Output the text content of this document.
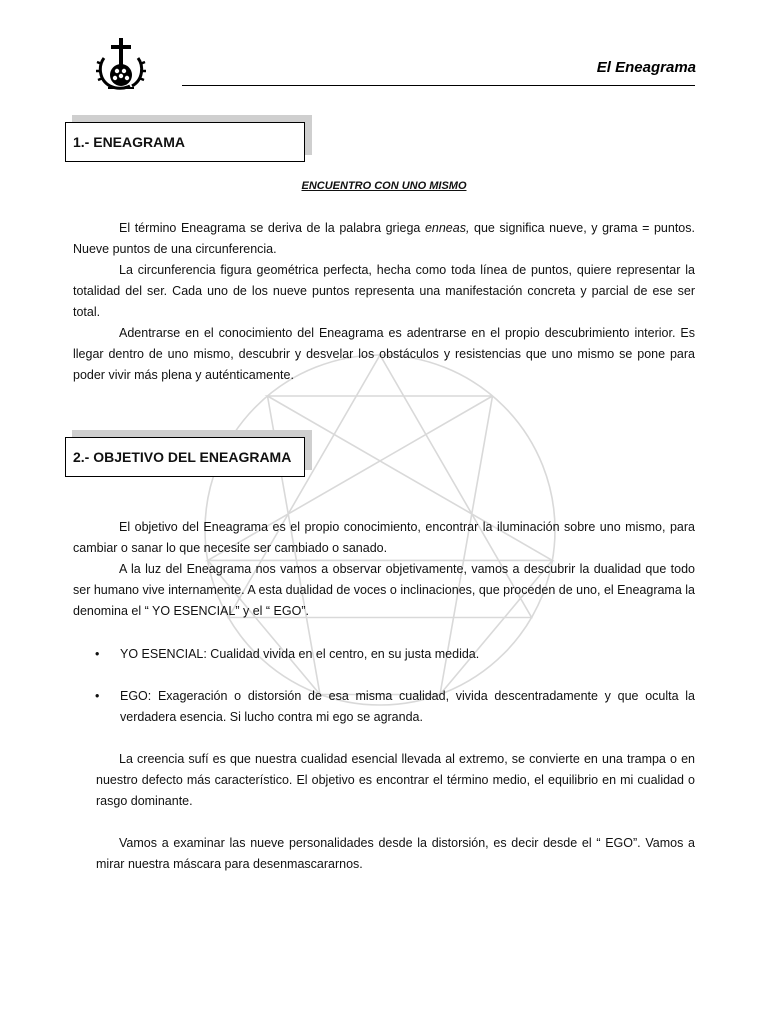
El Eneagrama
1.- ENEAGRAMA
ENCUENTRO CON UNO MISMO

El término Eneagrama se deriva de la palabra griega enneas, que significa nueve, y grama = puntos. Nueve puntos de una circunferencia.

La circunferencia figura geométrica perfecta, hecha como toda línea de puntos, quiere representar la totalidad del ser. Cada uno de los nueve puntos representa una manifestación concreta y parcial de ese ser total.

Adentrarse en el conocimiento del Eneagrama es adentrarse en el propio descubrimiento interior. Es llegar dentro de uno mismo, descubrir y desvelar los obstáculos y resistencias que uno mismo se pone para poder vivir más plena y auténticamente.

2.- OBJETIVO DEL ENEAGRAMA

El objetivo del Eneagrama es el propio conocimiento, encontrar la iluminación sobre uno mismo, para cambiar o sanar lo que necesite ser cambiado o sanado.

A la luz del Eneagrama nos vamos a observar objetivamente, vamos a descubrir la dualidad que todo ser humano vive internamente. A esta dualidad de voces o inclinaciones, que proceden de uno, el Eneagrama la denomina el “ YO ESENCIAL” y el “ EGO”.

• YO ESENCIAL: Cualidad vivida en el centro, en su justa medida.
• EGO: Exageración o distorsión de esa misma cualidad, vivida descentradamente y que oculta la verdadera esencia. Si lucho contra mi ego se agranda.

La creencia sufí es que nuestra cualidad esencial llevada al extremo, se convierte en una trampa o en nuestro defecto más característico. El objetivo es encontrar el término medio, el equilibrio en mi cualidad o rasgo dominante.

Vamos a examinar las nueve personalidades desde la distorsión, es decir desde el “ EGO”. Vamos a mirar nuestra máscara para desenmascararnos.
